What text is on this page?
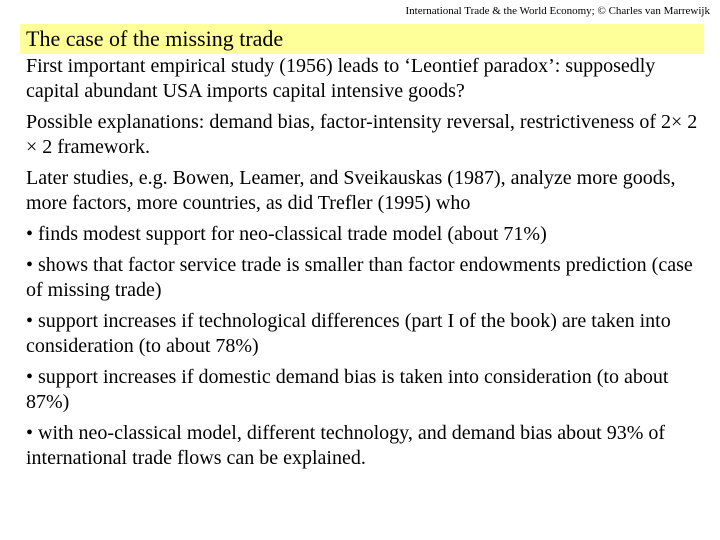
International Trade & the World Economy; © Charles van Marrewijk
The case of the missing trade

First important empirical study (1956) leads to ‘Leontief paradox’: supposedly capital abundant USA imports capital intensive goods?

Possible explanations: demand bias, factor-intensity reversal, restrictiveness of 2× 2 × 2 framework.

Later studies, e.g. Bowen, Leamer, and Sveikauskas (1987), analyze more goods, more factors, more countries, as did Trefler (1995) who

• finds modest support for neo-classical trade model (about 71%)

• shows that factor service trade is smaller than factor endowments prediction (case of missing trade)

• support increases if technological differences (part I of the book) are taken into consideration (to about 78%)

• support increases if domestic demand bias is taken into consideration (to about 87%)

• with neo-classical model, different technology, and demand bias about 93% of international trade flows can be explained.
